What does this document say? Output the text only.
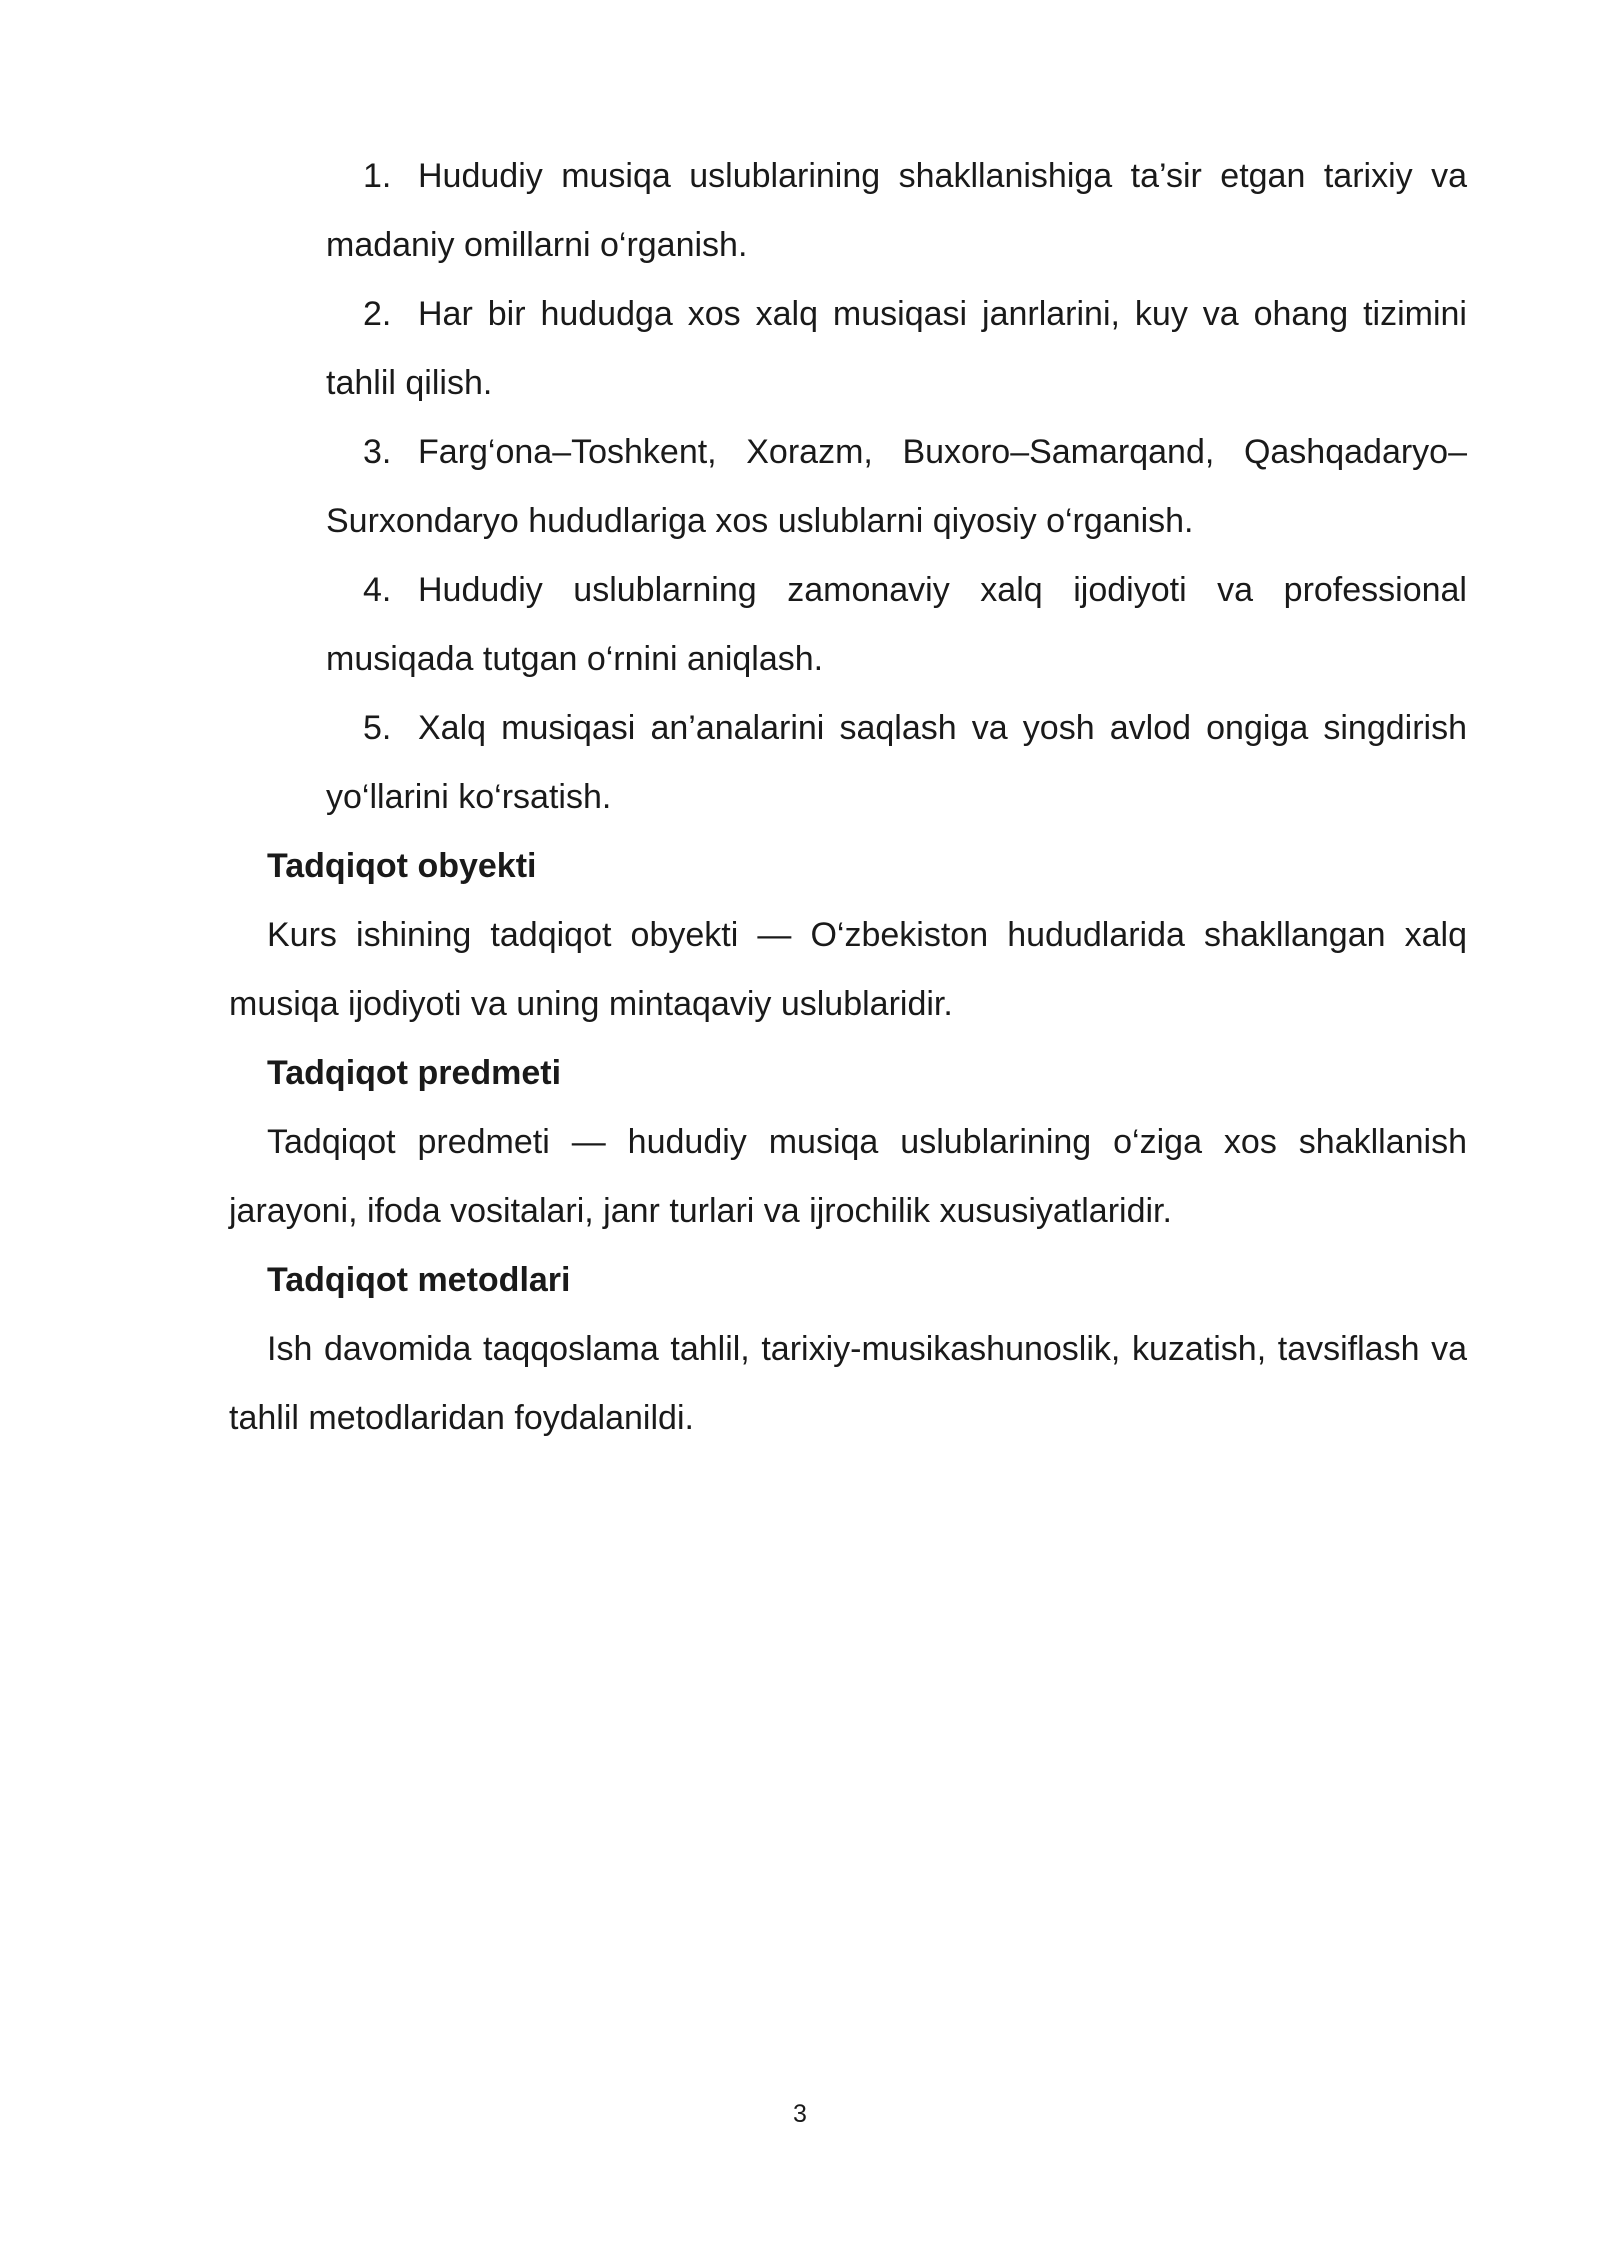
1. Hududiy musiqa uslublarining shakllanishiga ta’sir etgan tarixiy va madaniy omillarni o‘rganish.
2. Har bir hududga xos xalq musiqasi janrlarini, kuy va ohang tizimini tahlil qilish.
3. Farg‘ona–Toshkent, Xorazm, Buxoro–Samarqand, Qashqadaryo–Surxondaryo hududlariga xos uslublarni qiyosiy o‘rganish.
4. Hududiy uslublarning zamonaviy xalq ijodiyoti va professional musiqada tutgan o‘rnini aniqlash.
5. Xalq musiqasi an’analarini saqlash va yosh avlod ongiga singdirish yo‘llarini ko‘rsatish.
Tadqiqot obyekti
Kurs ishining tadqiqot obyekti — O‘zbekiston hududlarida shakllangan xalq musiqa ijodiyoti va uning mintaqaviy uslublaridir.
Tadqiqot predmeti
Tadqiqot predmeti — hududiy musiqa uslublarining o‘ziga xos shakllanish jarayoni, ifoda vositalari, janr turlari va ijrochilik xususiyatlaridir.
Tadqiqot metodlari
Ish davomida taqqoslama tahlil, tarixiy-musikashunoslik, kuzatish, tavsiflash va tahlil metodlaridan foydalanildi.
3
